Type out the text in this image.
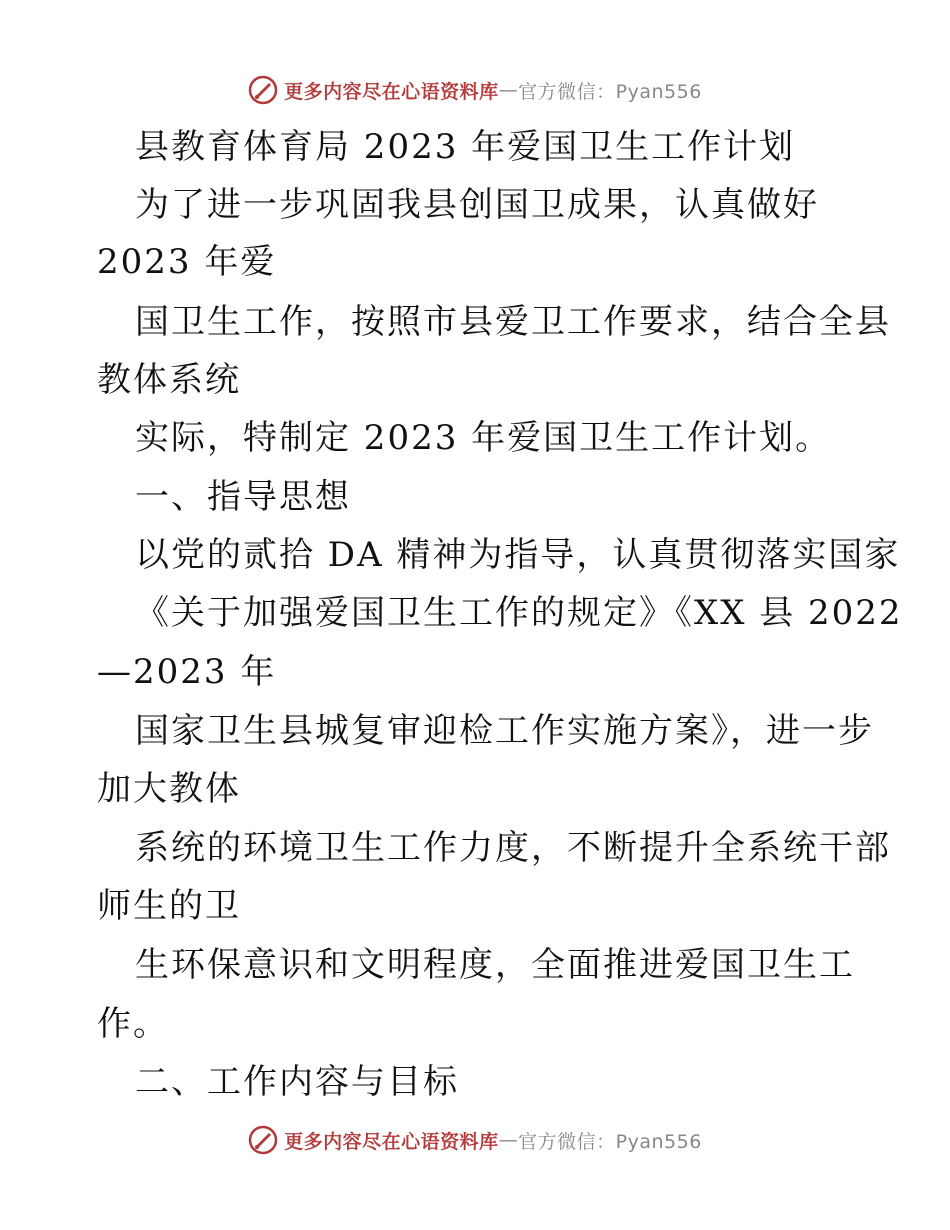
更多内容尽在心语资料库 — 官方微信：Pyan556
县教育体育局 2023 年爱国卫生工作计划
为了进一步巩固我县创国卫成果，认真做好
2023 年爱
国卫生工作，按照市县爱卫工作要求，结合全县
教体系统
实际，特制定 2023 年爱国卫生工作计划。
一、指导思想
以党的贰拾 DA 精神为指导，认真贯彻落实国家
《关于加强爱国卫生工作的规定》《XX 县 2022
—2023 年
国家卫生县城复审迎检工作实施方案》，进一步
加大教体
系统的环境卫生工作力度，不断提升全系统干部
师生的卫
生环保意识和文明程度，全面推进爱国卫生工
作。
二、工作内容与目标
更多内容尽在心语资料库 — 官方微信：Pyan556
